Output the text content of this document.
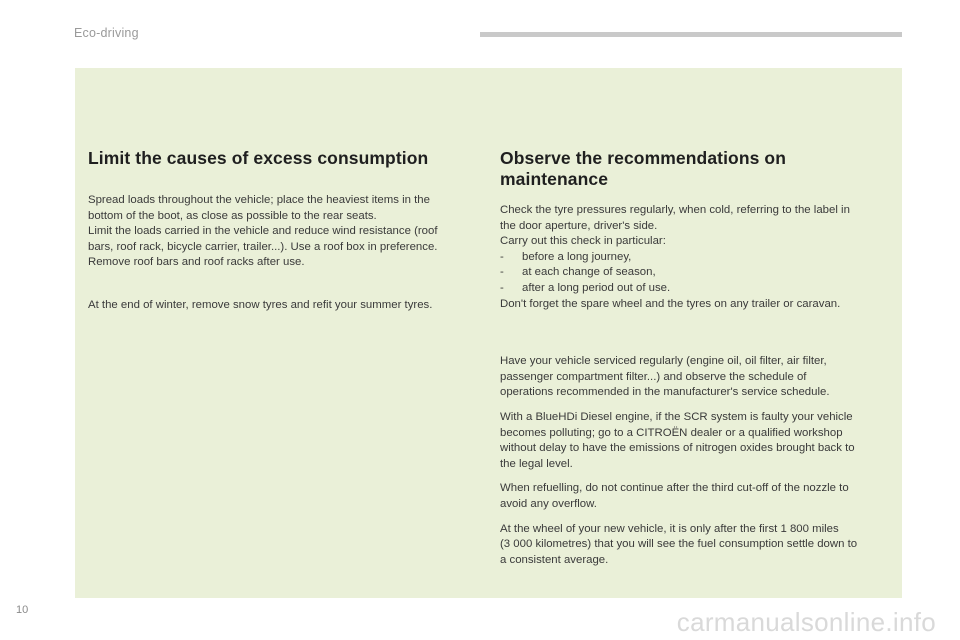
Eco-driving
Limit the causes of excess consumption

Spread loads throughout the vehicle; place the heaviest items in the
bottom of the boot, as close as possible to the rear seats.
Limit the loads carried in the vehicle and reduce wind resistance (roof
bars, roof rack, bicycle carrier, trailer...). Use a roof box in preference.
Remove roof bars and roof racks after use.

At the end of winter, remove snow tyres and refit your summer tyres.

Observe the recommendations on
maintenance

Check the tyre pressures regularly, when cold, referring to the label in
the door aperture, driver's side.
Carry out this check in particular:
- before a long journey,
- at each change of season,
- after a long period out of use.
Don't forget the spare wheel and the tyres on any trailer or caravan.

Have your vehicle serviced regularly (engine oil, oil filter, air filter,
passenger compartment filter...) and observe the schedule of
operations recommended in the manufacturer's service schedule.

With a BlueHDi Diesel engine, if the SCR system is faulty your vehicle
becomes polluting; go to a CITROËN dealer or a qualified workshop
without delay to have the emissions of nitrogen oxides brought back to
the legal level.

When refuelling, do not continue after the third cut-off of the nozzle to
avoid any overflow.

At the wheel of your new vehicle, it is only after the first 1 800 miles
(3 000 kilometres) that you will see the fuel consumption settle down to
a consistent average.

10	carmanualsonline.info
